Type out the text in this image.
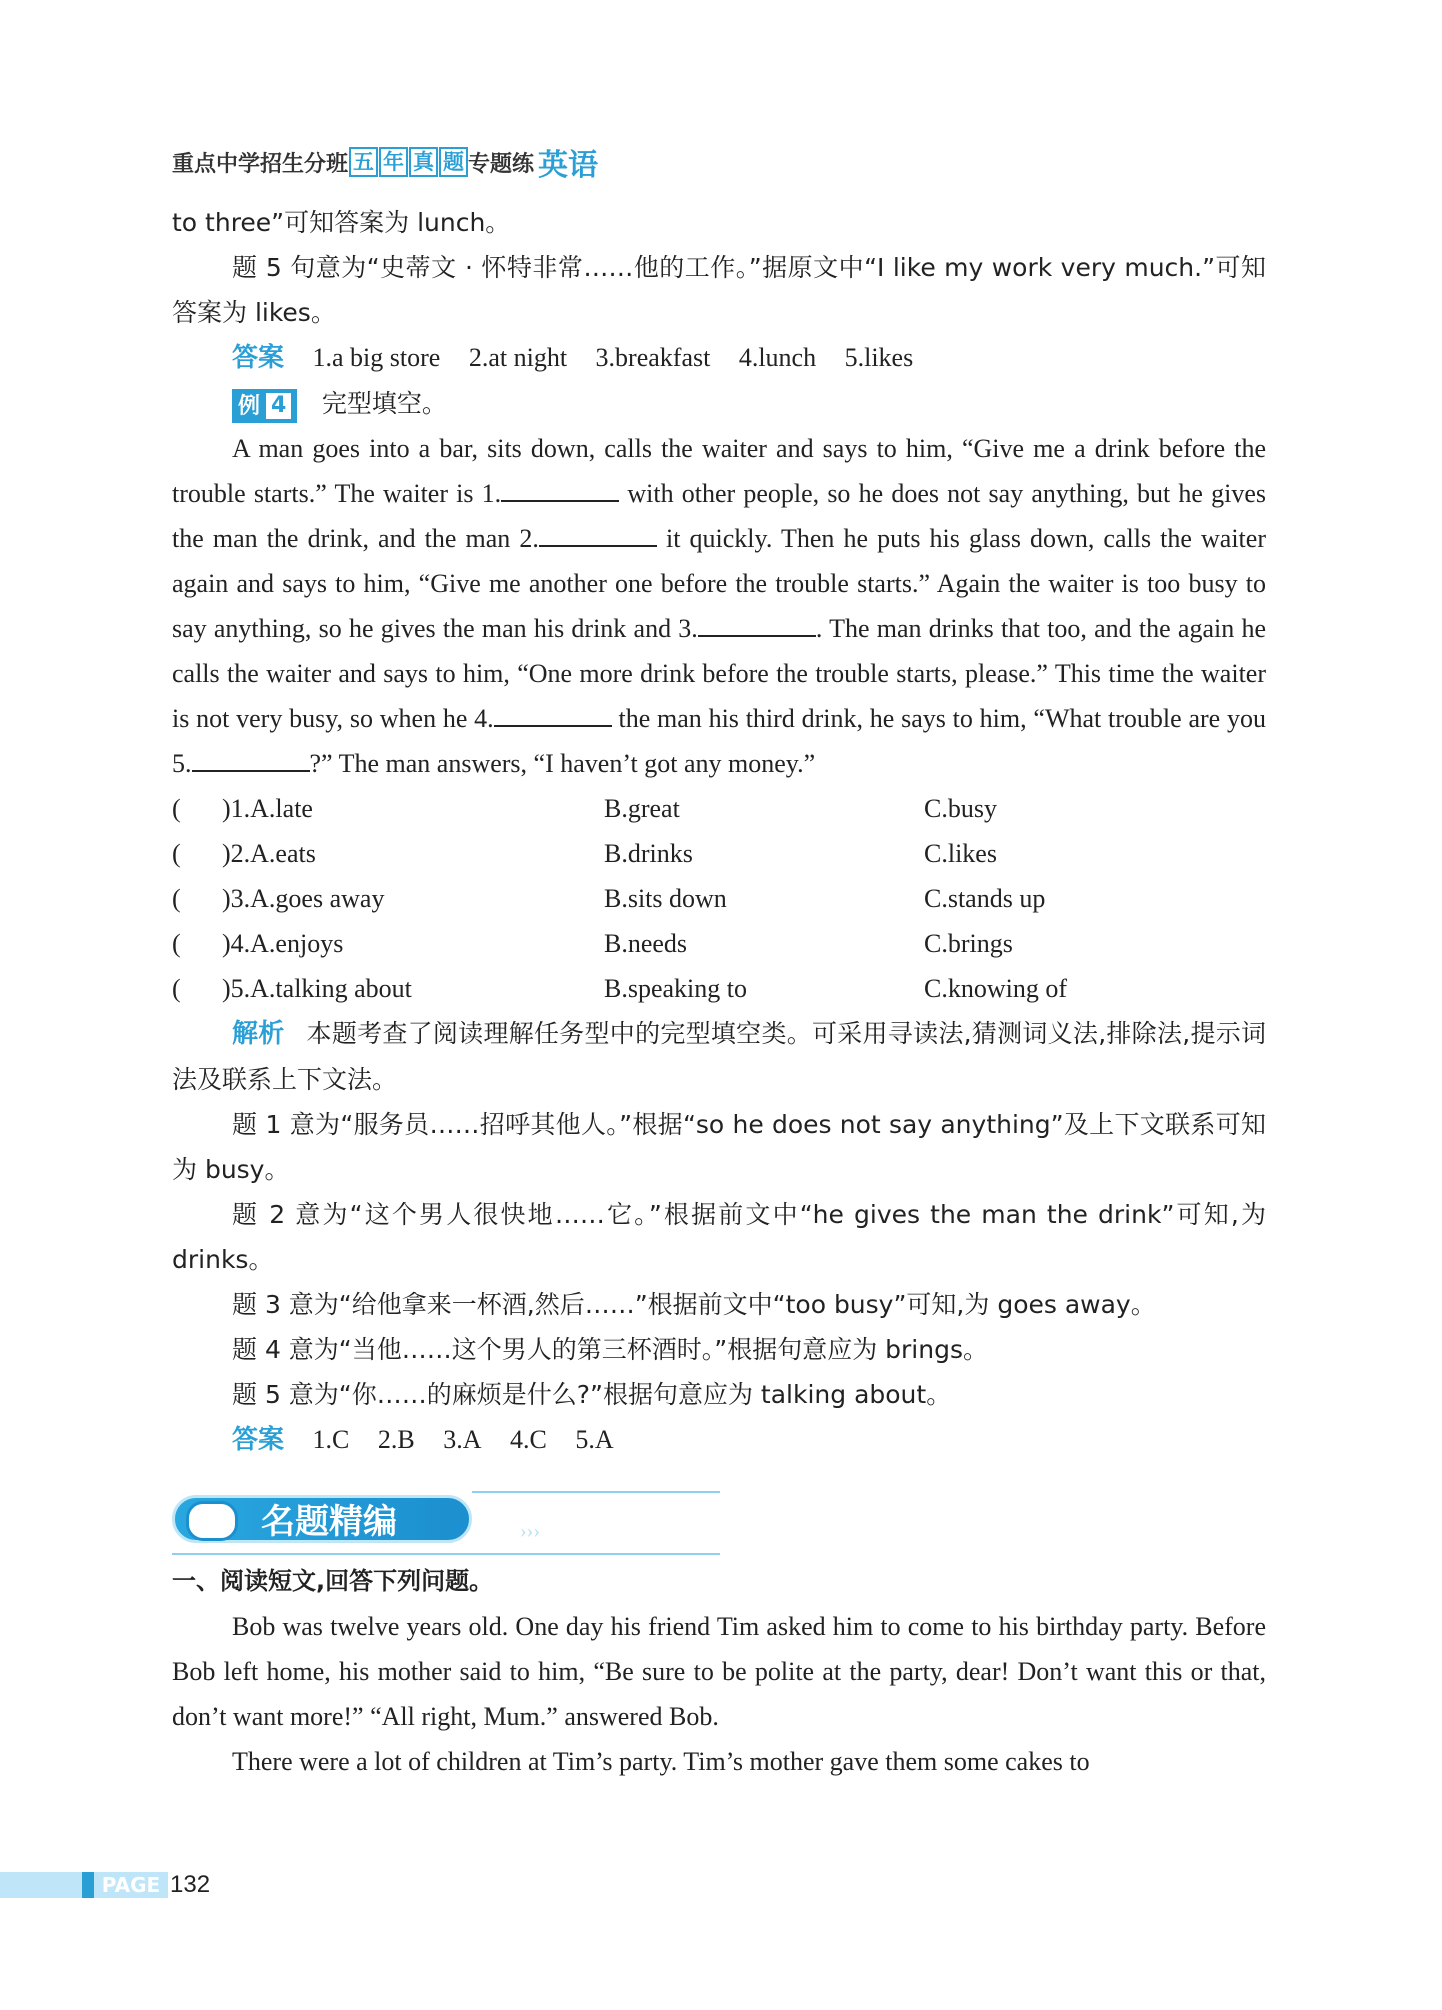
重点中学招生分班 五 年 真 题 专题练 英语

to three”可知答案为 lunch。

题 5 句意为“史蒂文 · 怀特非常……他的工作。”据原文中“I like my work very much.”可知答案为 likes。

答案 1.a big store 2.at night 3.breakfast 4.lunch 5.likes

例 4 完型填空。

A man goes into a bar, sits down, calls the waiter and says to him, “Give me a drink before the trouble starts.” The waiter is 1.	with other people, so he does not say anything, but he gives the man the drink, and the man 2.	it quickly. Then he puts his glass down, calls the waiter again and says to him, “Give me another one before the trouble starts.” Again the waiter is too busy to say anything, so he gives the man his drink and 3.	. The man drinks that too, and the again he calls the waiter and says to him, “One more drink before the trouble starts, please.” This time the waiter is not very busy, so when he 4.	the man his third drink, he says to him, “What trouble are you 5.	?” The man answers, “I haven’t got any money.”

(	)1.A.late	B.great	C.busy
(	)2.A.eats	B.drinks	C.likes
(	)3.A.goes away	B.sits down	C.stands up
(	)4.A.enjoys	B.needs	C.brings
(	)5.A.talking about	B.speaking to	C.knowing of

解析 本题考查了阅读理解任务型中的完型填空类。可采用寻读法,猜测词义法,排除法,提示词法及联系上下文法。

题 1 意为“服务员……招呼其他人。”根据“so he does not say anything”及上下文联系可知为 busy。

题 2 意为“这个男人很快地……它。”根据前文中“he gives the man the drink”可知,为 drinks。

题 3 意为“给他拿来一杯酒,然后……”根据前文中“too busy”可知,为 goes away。

题 4 意为“当他……这个男人的第三杯酒时。”根据句意应为 brings。

题 5 意为“你……的麻烦是什么?”根据句意应为 talking about。

答案 1.C 2.B 3.A 4.C 5.A

名题精编	›››

一、阅读短文,回答下列问题。

Bob was twelve years old. One day his friend Tim asked him to come to his birthday party. Before Bob left home, his mother said to him, “Be sure to be polite at the party, dear! Don’t want this or that, don’t want more!” “All right, Mum.” answered Bob.

There were a lot of children at Tim’s party. Tim’s mother gave them some cakes to

PAGE 132
